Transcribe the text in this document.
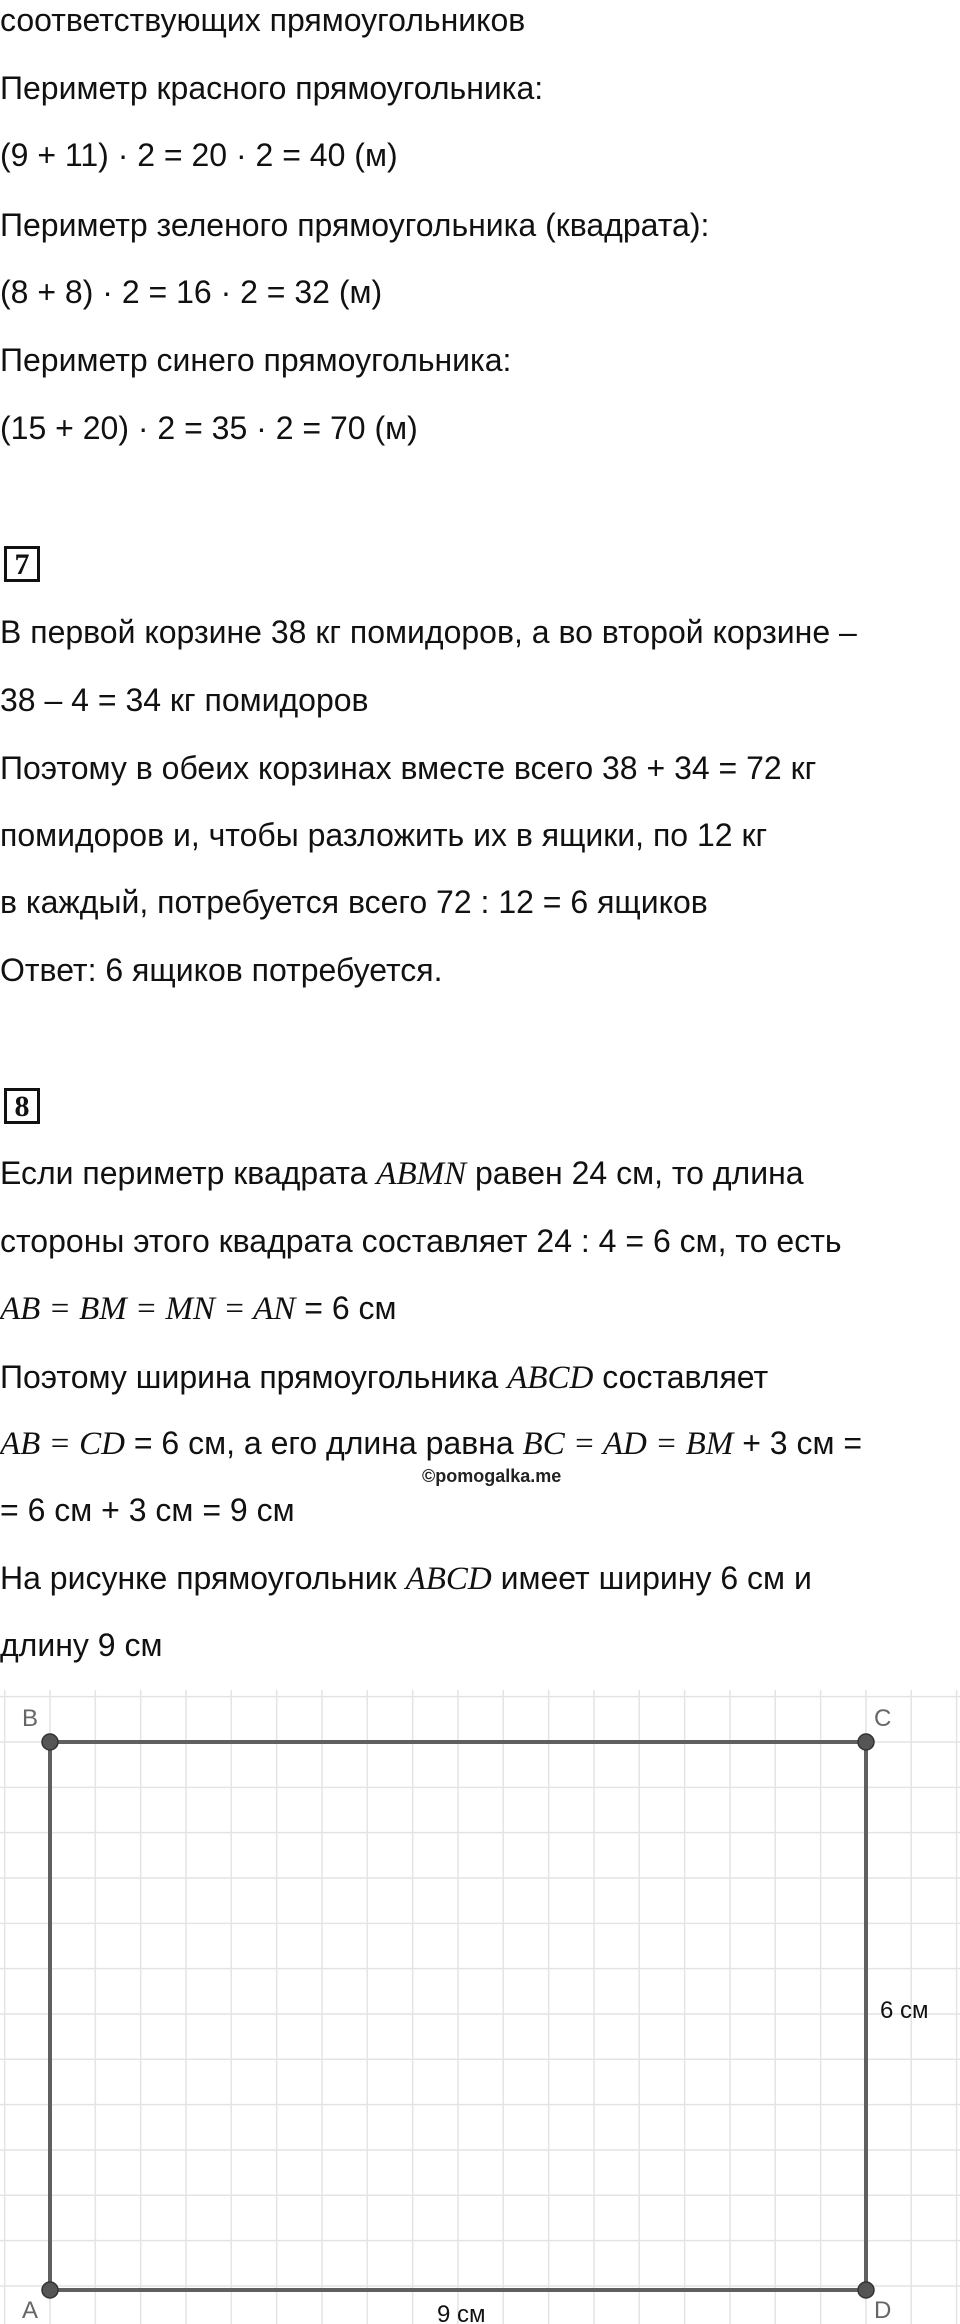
соответствующих прямоугольников

Периметр красного прямоугольника:

(9 + 11) · 2 = 20 · 2 = 40 (м)

Периметр зеленого прямоугольника (квадрата):

(8 + 8) · 2 = 16 · 2 = 32 (м)

Периметр синего прямоугольника:

(15 + 20) · 2 = 35 · 2 = 70 (м)

7

В первой корзине 38 кг помидоров, а во второй корзине –

38 – 4 = 34 кг помидоров

Поэтому в обеих корзинах вместе всего 38 + 34 = 72 кг

помидоров и, чтобы разложить их в ящики, по 12 кг

в каждый, потребуется всего 72 : 12 = 6 ящиков

Ответ: 6 ящиков потребуется.

8

Если периметр квадрата ABMN равен 24 см, то длина

стороны этого квадрата составляет 24 : 4 = 6 см, то есть

AB = BM = MN = AN = 6 см

Поэтому ширина прямоугольника ABCD составляет

AB = CD = 6 см, а его длина равна BC = AD = BM + 3 см =

©pomogalka.me

= 6 см + 3 см = 9 см

На рисунке прямоугольник ABCD имеет ширину 6 см и

длину 9 см

B	C
A	D
9 см
6 см
